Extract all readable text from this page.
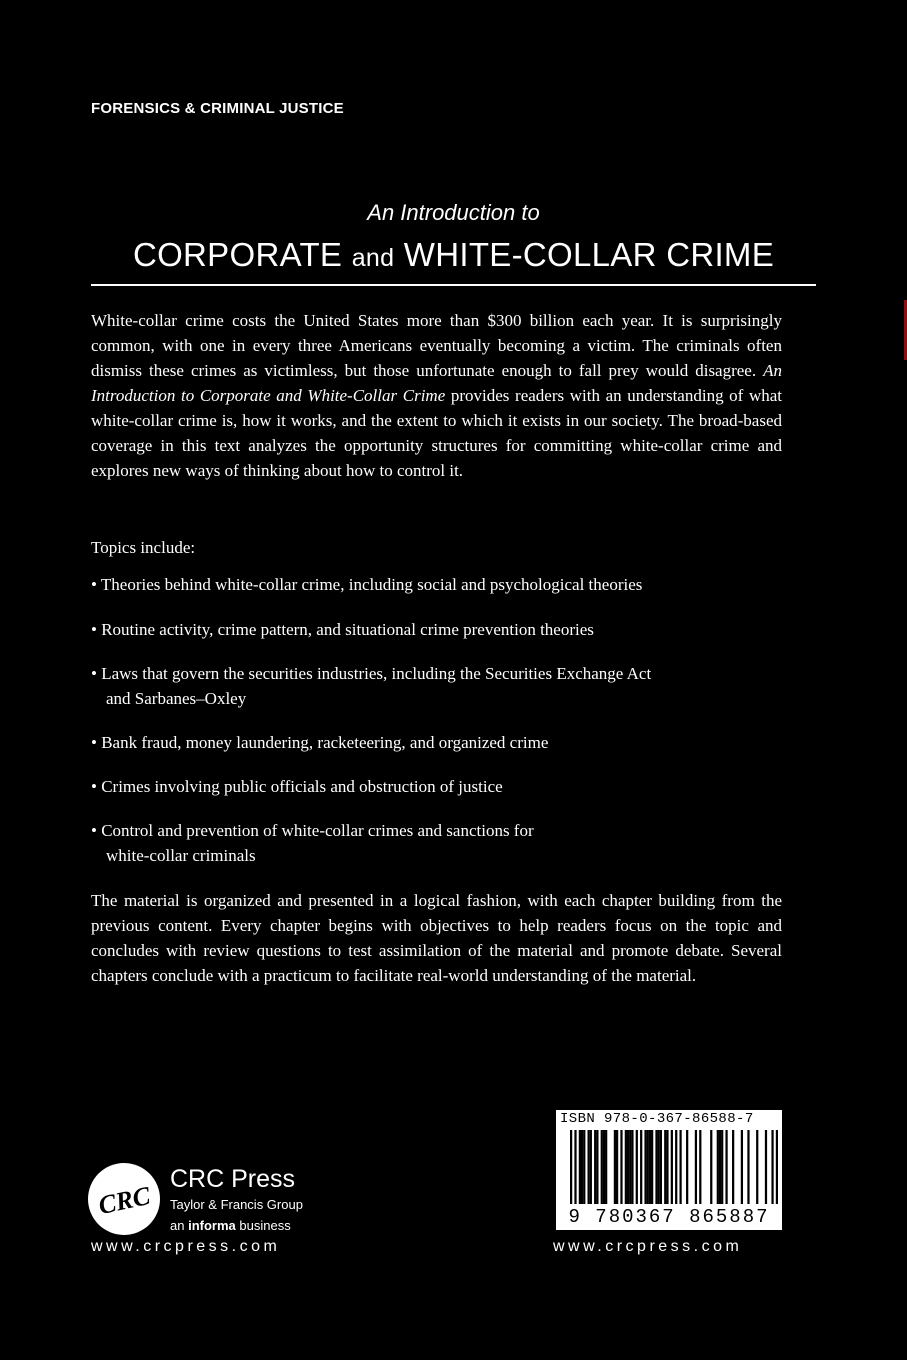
FORENSICS & CRIMINAL JUSTICE
An Introduction to
CORPORATE and WHITE-COLLAR CRIME
White-collar crime costs the United States more than $300 billion each year. It is surprisingly common, with one in every three Americans eventually becoming a victim. The criminals often dismiss these crimes as victimless, but those unfortunate enough to fall prey would disagree. An Introduction to Corporate and White-Collar Crime provides readers with an understanding of what white-collar crime is, how it works, and the extent to which it exists in our society. The broad-based coverage in this text analyzes the opportunity structures for committing white-collar crime and explores new ways of thinking about how to control it.
Topics include:
• Theories behind white-collar crime, including social and psychological theories
• Routine activity, crime pattern, and situational crime prevention theories
• Laws that govern the securities industries, including the Securities Exchange Act
and Sarbanes–Oxley
• Bank fraud, money laundering, racketeering, and organized crime
• Crimes involving public officials and obstruction of justice
• Control and prevention of white-collar crimes and sanctions for
white-collar criminals
The material is organized and presented in a logical fashion, with each chapter building from the previous content. Every chapter begins with objectives to help readers focus on the topic and concludes with review questions to test assimilation of the material and promote debate. Several chapters conclude with a practicum to facilitate real-world understanding of the material.
CRC
CRC Press
Taylor & Francis Group
an informa business
www.crcpress.com
ISBN 978-0-367-86588-7
9 780367 865887
www.crcpress.com
